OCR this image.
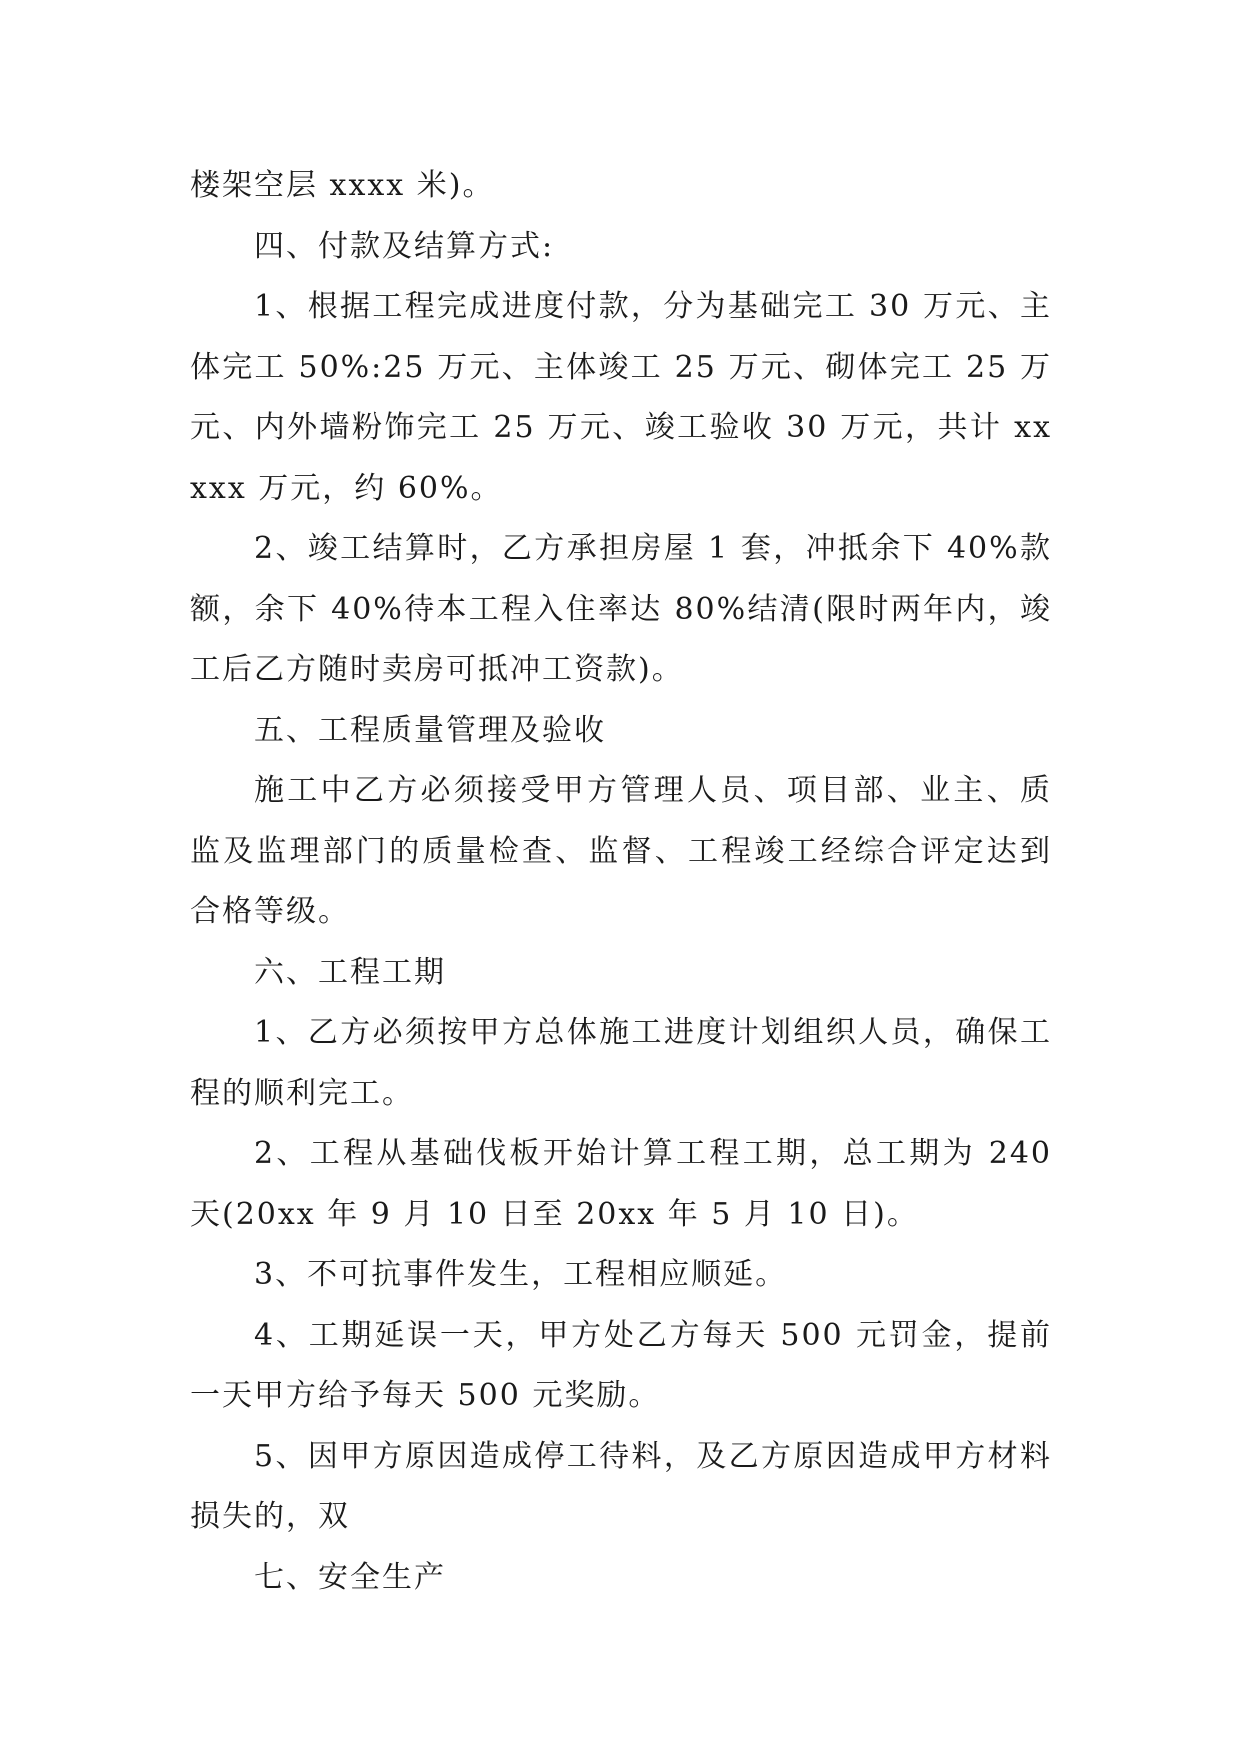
楼架空层 xxxx 米)。

四、付款及结算方式:

1、根据工程完成进度付款，分为基础完工 30 万元、主体完工 50%:25 万元、主体竣工 25 万元、砌体完工 25 万元、内外墙粉饰完工 25 万元、竣工验收 30 万元，共计 xxxxx 万元，约 60%。

2、竣工结算时，乙方承担房屋 1 套，冲抵余下 40%款额，余下 40%待本工程入住率达 80%结清(限时两年内，竣工后乙方随时卖房可抵冲工资款)。

五、工程质量管理及验收

施工中乙方必须接受甲方管理人员、项目部、业主、质监及监理部门的质量检查、监督、工程竣工经综合评定达到合格等级。

六、工程工期

1、乙方必须按甲方总体施工进度计划组织人员，确保工程的顺利完工。

2、工程从基础伐板开始计算工程工期，总工期为 240 天(20xx 年 9 月 10 日至 20xx 年 5 月 10 日)。

3、不可抗事件发生，工程相应顺延。

4、工期延误一天，甲方处乙方每天 500 元罚金，提前一天甲方给予每天 500 元奖励。

5、因甲方原因造成停工待料，及乙方原因造成甲方材料损失的，双

七、安全生产
